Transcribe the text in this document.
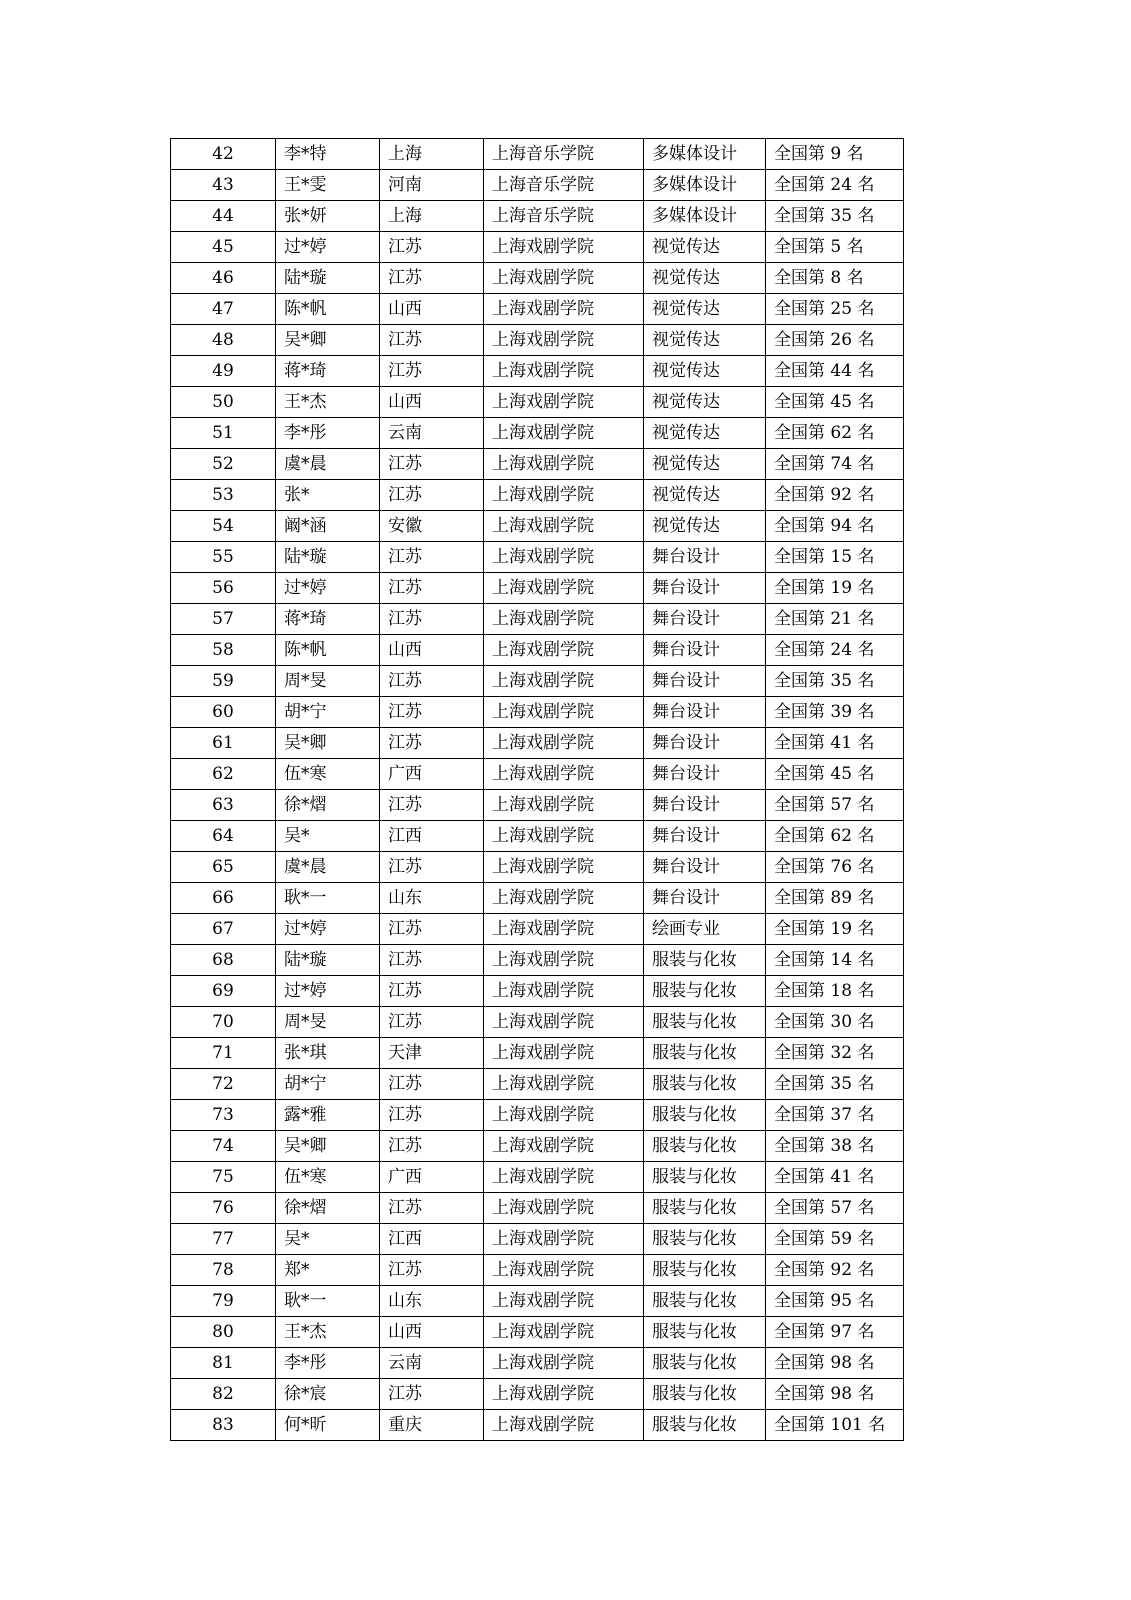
42	李*特	上海	上海音乐学院	多媒体设计	全国第 9 名
43	王*雯	河南	上海音乐学院	多媒体设计	全国第 24 名
44	张*妍	上海	上海音乐学院	多媒体设计	全国第 35 名
45	过*婷	江苏	上海戏剧学院	视觉传达	全国第 5 名
46	陆*璇	江苏	上海戏剧学院	视觉传达	全国第 8 名
47	陈*帆	山西	上海戏剧学院	视觉传达	全国第 25 名
48	吴*卿	江苏	上海戏剧学院	视觉传达	全国第 26 名
49	蒋*琦	江苏	上海戏剧学院	视觉传达	全国第 44 名
50	王*杰	山西	上海戏剧学院	视觉传达	全国第 45 名
51	李*彤	云南	上海戏剧学院	视觉传达	全国第 62 名
52	虞*晨	江苏	上海戏剧学院	视觉传达	全国第 74 名
53	张*	江苏	上海戏剧学院	视觉传达	全国第 92 名
54	阚*涵	安徽	上海戏剧学院	视觉传达	全国第 94 名
55	陆*璇	江苏	上海戏剧学院	舞台设计	全国第 15 名
56	过*婷	江苏	上海戏剧学院	舞台设计	全国第 19 名
57	蒋*琦	江苏	上海戏剧学院	舞台设计	全国第 21 名
58	陈*帆	山西	上海戏剧学院	舞台设计	全国第 24 名
59	周*旻	江苏	上海戏剧学院	舞台设计	全国第 35 名
60	胡*宁	江苏	上海戏剧学院	舞台设计	全国第 39 名
61	吴*卿	江苏	上海戏剧学院	舞台设计	全国第 41 名
62	伍*寒	广西	上海戏剧学院	舞台设计	全国第 45 名
63	徐*熠	江苏	上海戏剧学院	舞台设计	全国第 57 名
64	吴*	江西	上海戏剧学院	舞台设计	全国第 62 名
65	虞*晨	江苏	上海戏剧学院	舞台设计	全国第 76 名
66	耿*一	山东	上海戏剧学院	舞台设计	全国第 89 名
67	过*婷	江苏	上海戏剧学院	绘画专业	全国第 19 名
68	陆*璇	江苏	上海戏剧学院	服装与化妆	全国第 14 名
69	过*婷	江苏	上海戏剧学院	服装与化妆	全国第 18 名
70	周*旻	江苏	上海戏剧学院	服装与化妆	全国第 30 名
71	张*琪	天津	上海戏剧学院	服装与化妆	全国第 32 名
72	胡*宁	江苏	上海戏剧学院	服装与化妆	全国第 35 名
73	露*雅	江苏	上海戏剧学院	服装与化妆	全国第 37 名
74	吴*卿	江苏	上海戏剧学院	服装与化妆	全国第 38 名
75	伍*寒	广西	上海戏剧学院	服装与化妆	全国第 41 名
76	徐*熠	江苏	上海戏剧学院	服装与化妆	全国第 57 名
77	吴*	江西	上海戏剧学院	服装与化妆	全国第 59 名
78	郑*	江苏	上海戏剧学院	服装与化妆	全国第 92 名
79	耿*一	山东	上海戏剧学院	服装与化妆	全国第 95 名
80	王*杰	山西	上海戏剧学院	服装与化妆	全国第 97 名
81	李*彤	云南	上海戏剧学院	服装与化妆	全国第 98 名
82	徐*宸	江苏	上海戏剧学院	服装与化妆	全国第 98 名
83	何*昕	重庆	上海戏剧学院	服装与化妆	全国第 101 名
